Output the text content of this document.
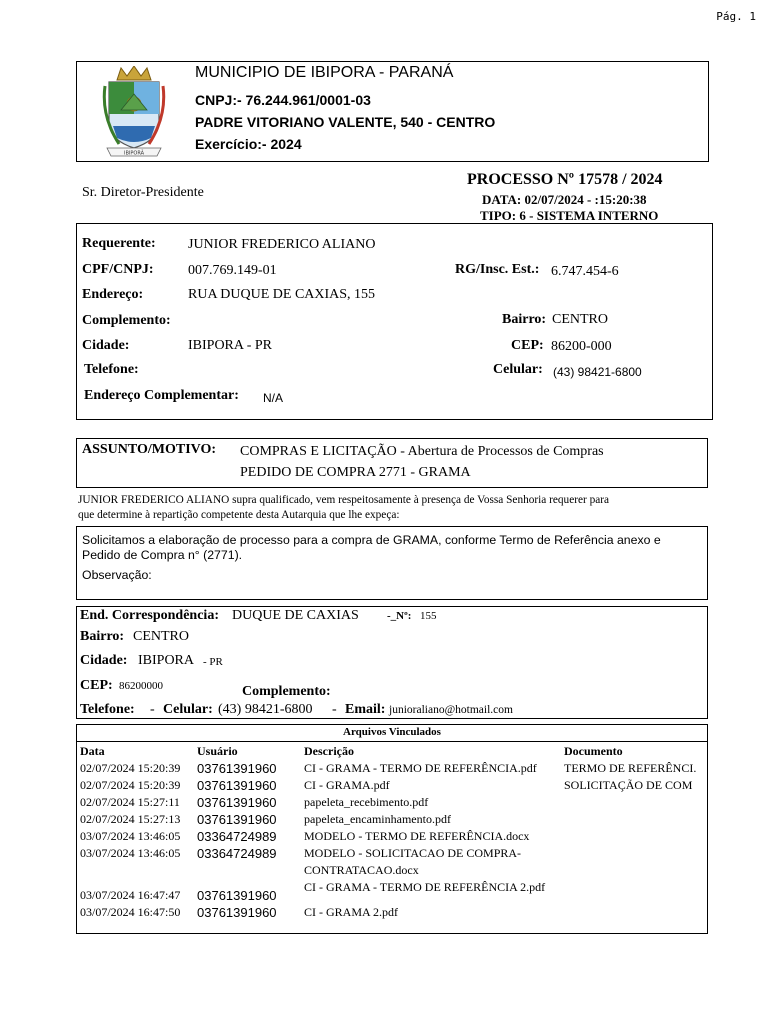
Pág. 1
IBIPORÃ
MUNICIPIO DE IBIPORA - PARANÁ
CNPJ:- 76.244.961/0001-03
PADRE VITORIANO VALENTE, 540 - CENTRO
Exercício:- 2024
Sr. Diretor-Presidente
PROCESSO Nº 17578 / 2024
DATA: 02/07/2024 - :15:20:38
TIPO: 6 - SISTEMA INTERNO
Requerente: JUNIOR FREDERICO ALIANO
CPF/CNPJ: 007.769.149-01	RG/Insc. Est.: 6.747.454-6
Endereço:	RUA DUQUE DE CAXIAS, 155
Complemento:	Bairro: CENTRO
Cidade:	IBIPORA - PR	CEP: 86200-000
Telefone:	Celular: (43) 98421-6800
Endereço Complementar: N/A
ASSUNTO/MOTIVO: COMPRAS E LICITAÇÃO - Abertura de Processos de Compras
PEDIDO DE COMPRA 2771 - GRAMA
JUNIOR FREDERICO ALIANO supra qualificado, vem respeitosamente à presença de Vossa Senhoria requerer para
que determine à repartição competente desta Autarquia que lhe expeça:
Solicitamos a elaboração de processo para a compra de GRAMA, conforme Termo de Referência anexo e
Pedido de Compra n° (2771).
Observação:
End. Correspondência: DUQUE DE CAXIAS	-_Nº: 155
Bairro: CENTRO
Cidade: IBIPORA - PR
CEP: 86200000	Complemento:
Telefone: - Celular: (43) 98421-6800 - Email: junioraliano@hotmail.com
Arquivos Vinculados
Data	Usuário	Descrição	Documento
02/07/2024 15:20:39	03761391960	CI - GRAMA - TERMO DE REFERÊNCIA.pdf	TERMO DE REFERÊNCI.
02/07/2024 15:20:39	03761391960	CI - GRAMA.pdf	SOLICITAÇÃO DE COM
02/07/2024 15:27:11	03761391960	papeleta_recebimento.pdf	
02/07/2024 15:27:13	03761391960	papeleta_encaminhamento.pdf	
03/07/2024 13:46:05	03364724989	MODELO - TERMO DE REFERÊNCIA.docx	
03/07/2024 13:46:05	03364724989	MODELO - SOLICITACAO DE COMPRA-CONTRATACAO.docx	
03/07/2024 16:47:47	03761391960	CI - GRAMA - TERMO DE REFERÊNCIA 2.pdf	
03/07/2024 16:47:50	03761391960	CI - GRAMA 2.pdf	
